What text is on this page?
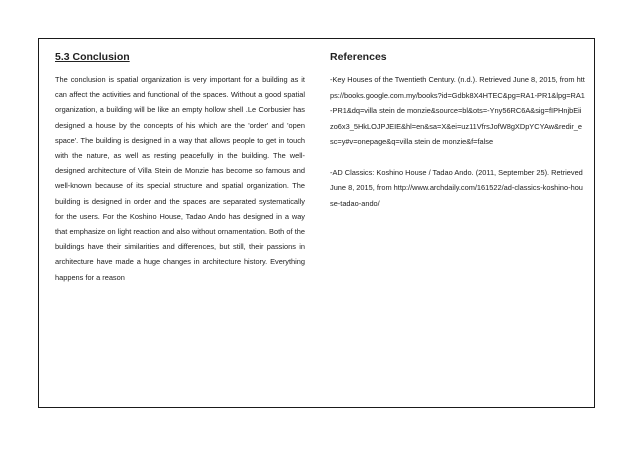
5.3 Conclusion

The conclusion is spatial organization is very important for a building as it can affect the activities and functional of the spaces. Without a good spatial organization, a building will be like an empty hollow shell .Le Corbusier has designed a house by the concepts of his which are the 'order' and 'open space'. The building is designed in a way that allows people to get in touch with the nature, as well as resting peacefully in the building. The well- designed architecture of Villa Stein de Monzie has become so famous and well-known because of its special structure and spatial organization. The building is designed in order and the spaces are separated systematically for the users. For the Koshino House, Tadao Ando has designed in a way that emphasize on light reaction and also without ornamentation. Both of the buildings have their similarities and differences, but still, their passions in architecture have made a huge changes in architecture history. Everything happens for a reason

References

-Key Houses of the Twentieth Century. (n.d.). Retrieved June 8, 2015, from https://books.google.com.my/books?id=Gdbk8X4HTEC&pg=RA1-PR1&lpg=RA1-PR1&dq=villa stein de monzie&source=bl&ots=-Yny56RC6A&sig=fIPHnjbEiizo6x3_5HkLOJPJEIE&hl=en&sa=X&ei=uz11VfrsJofW8gXDpYCYAw&redir_esc=y#v=onepage&q=villa stein de monzie&f=false

-AD Classics: Koshino House / Tadao Ando. (2011, September 25). Retrieved June 8, 2015, from http://www.archdaily.com/161522/ad-classics-koshino-house-tadao-ando/
